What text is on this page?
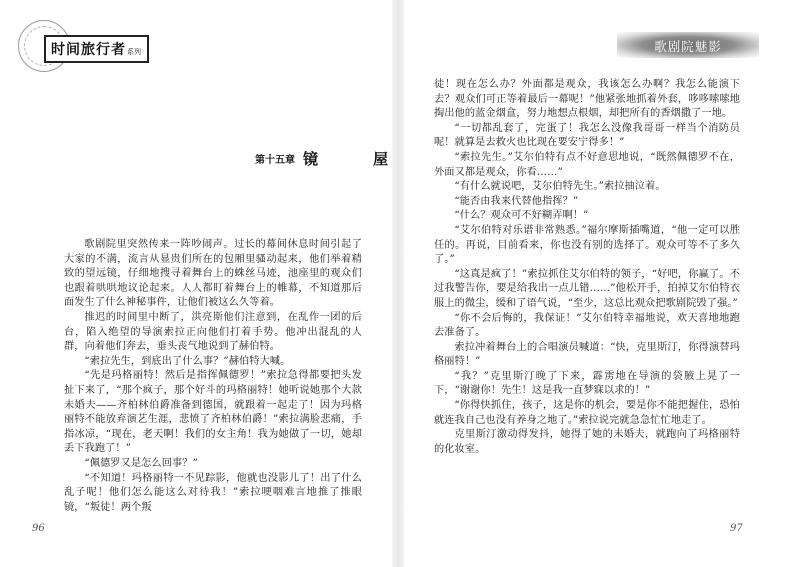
时间旅行者系列
第十五章 镜　屋

歌剧院里突然传来一阵吵闹声。过长的幕间休息时间引起了大家的不满，流言从显贵们所在的包厢里骚动起来，他们举着精致的望远镜，仔细地搜寻着舞台上的蛛丝马迹，池座里的观众们也跟着哄哄地议论起来。人人都盯着舞台上的帷幕，不知道那后面发生了什么神秘事件，让他们被这么久等着。

推迟的时间里中断了，洪亮斯他们注意到，在乱作一团的后台，陷入绝望的导演索拉正向他们打着手势。他冲出混乱的人群，向着他们奔去，垂头丧气地说到了赫伯特。

“索拉先生，到底出了什么事？”赫伯特大喊。

“先是玛格丽特！然后是指挥佩德罗！”索拉急得都要把头发扯下来了，“那个疯子，那个好斗的玛格丽特！她听说她那个大款未婚夫——齐柏林伯爵准备到德国，就跟着一起走了！因为玛格丽特不能放弃演艺生涯，悲愤了齐柏林伯爵！”索拉满脸悲痛，手指冰凉，“现在，老天啊！我们的女主角！我为她做了一切，她却丢下我跑了！”

“佩德罗又是怎么回事？”

“不知道！玛格丽特一不见踪影，他就也没影儿了！出了什么乱子呢！他们怎么能这么对待我！”索拉哽咽难言地推了推眼镜，“叛徒！两个叛

96
歌剧院魅影

徒！现在怎么办？外面都是观众，我该怎么办啊？我怎么能演下去？观众们可正等着最后一幕呢！”他紧张地抓着外套，哆哆嗦嗦地掏出他的蓝金烟盒，努力地想点根烟，却把所有的香烟撒了一地。

“一切都乱套了，完蛋了！我怎么没像我哥哥一样当个消防员呢！就算是去救火也比现在要安宁得多！”

“索拉先生。”艾尔伯特有点不好意思地说，“既然佩德罗不在，外面又都是观众，你看……”

“有什么就说吧，艾尔伯特先生。”索拉抽泣着。

“能否由我来代替他指挥？”

“什么？观众可不好糊弄啊！”

“艾尔伯特对乐谱非常熟悉。”福尔摩斯插嘴道，“他一定可以胜任的。再说，目前看来，你也没有别的选择了。观众可等不了多久了。”

“这真是疯了！”索拉抓住艾尔伯特的领子，“好吧，你赢了。不过我警告你，要是给我出一点儿错……”他松开手，拍掉艾尔伯特衣服上的微尘，缓和了语气说，“至少，这总比观众把歌剧院毁了强。”

“你不会后悔的，我保证！”艾尔伯特幸福地说，欢天喜地地跑去准备了。

索拉冲着舞台上的合唱演员喊道：“快，克里斯汀，你得演替玛格丽特！”

“我？”克里斯汀晚了下来，霹雳地在导演的袋腋上晃了一下，“谢谢你！先生！这是我一直梦寐以求的！”

“你得快抓住，孩子，这是你的机会，要是你不能把握住，恐怕就连我自己也没有养身之地了。”索拉说完就急急忙忙地走了。

克里斯汀激动得发抖，她得了她的未婚夫，就跑向了玛格丽特的化妆室。

97
